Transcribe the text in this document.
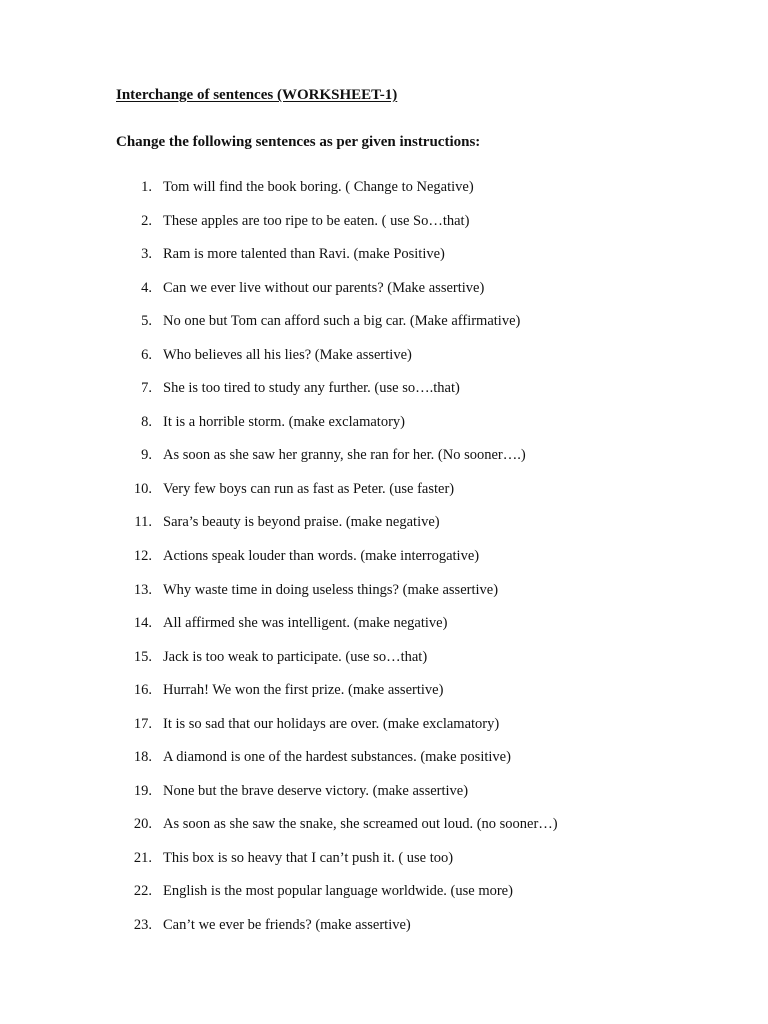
Interchange of sentences (WORKSHEET-1)

Change the following sentences as per given instructions:

1. Tom will find the book boring. ( Change to Negative)
2. These apples are too ripe to be eaten. ( use So…that)
3. Ram is more talented than Ravi. (make Positive)
4. Can we ever live without our parents? (Make assertive)
5. No one but Tom can afford such a big car. (Make affirmative)
6. Who believes all his lies? (Make assertive)
7. She is too tired to study any further. (use so….that)
8. It is a horrible storm. (make exclamatory)
9. As soon as she saw her granny, she ran for her. (No sooner….)
10. Very few boys can run as fast as Peter. (use faster)
11. Sara’s beauty is beyond praise. (make negative)
12. Actions speak louder than words. (make interrogative)
13. Why waste time in doing useless things? (make assertive)
14. All affirmed she was intelligent. (make negative)
15. Jack is too weak to participate. (use so…that)
16. Hurrah! We won the first prize. (make assertive)
17. It is so sad that our holidays are over. (make exclamatory)
18. A diamond is one of the hardest substances. (make positive)
19. None but the brave deserve victory. (make assertive)
20. As soon as she saw the snake, she screamed out loud. (no sooner…)
21. This box is so heavy that I can’t push it. ( use too)
22. English is the most popular language worldwide. (use more)
23. Can’t we ever be friends? (make assertive)
